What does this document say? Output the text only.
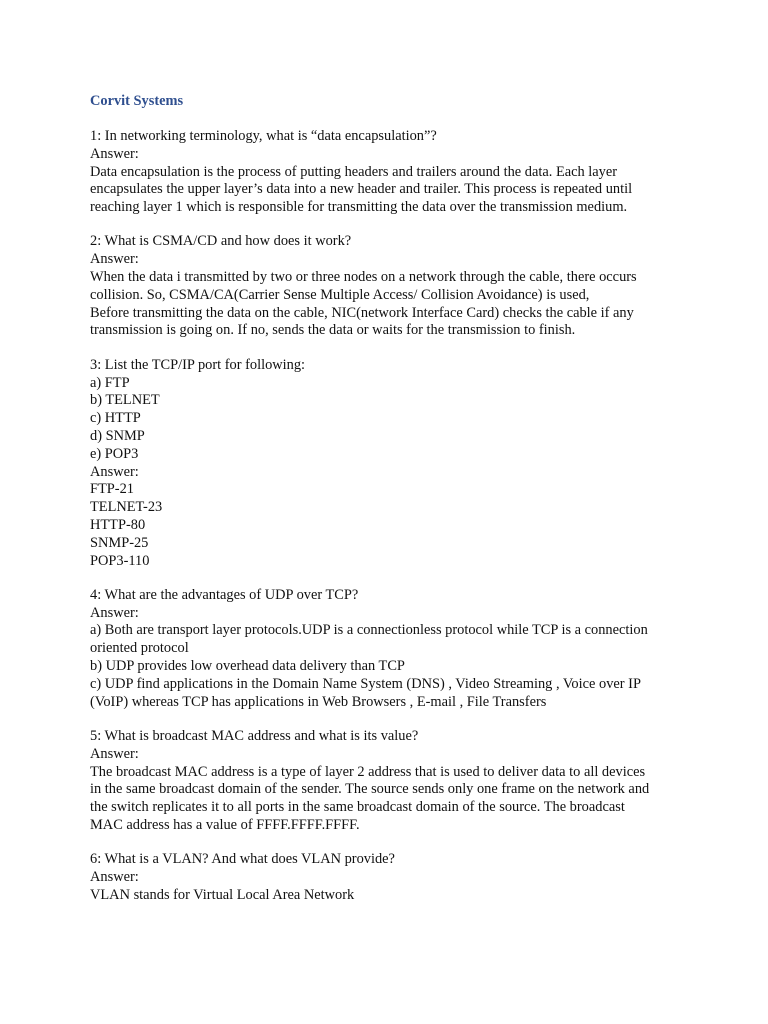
Corvit Systems
1: In networking terminology, what is “data encapsulation”?
Answer:
Data encapsulation is the process of putting headers and trailers around the data. Each layer
encapsulates the upper layer’s data into a new header and trailer. This process is repeated until
reaching layer 1 which is responsible for transmitting the data over the transmission medium.
2: What is CSMA/CD and how does it work?
Answer:
When the data i transmitted by two or three nodes on a network through the cable, there occurs
collision. So, CSMA/CA(Carrier Sense Multiple Access/ Collision Avoidance) is used,
Before transmitting the data on the cable, NIC(network Interface Card) checks the cable if any
transmission is going on. If no, sends the data or waits for the transmission to finish.
3: List the TCP/IP port for following:
a) FTP
b) TELNET
c) HTTP
d) SNMP
e) POP3
Answer:
FTP-21
TELNET-23
HTTP-80
SNMP-25
POP3-110
4: What are the advantages of UDP over TCP?
Answer:
a) Both are transport layer protocols.UDP is a connectionless protocol while TCP is a connection
oriented protocol
b) UDP provides low overhead data delivery than TCP
c) UDP find applications in the Domain Name System (DNS) , Video Streaming , Voice over IP
(VoIP) whereas TCP has applications in Web Browsers , E-mail , File Transfers
5: What is broadcast MAC address and what is its value?
Answer:
The broadcast MAC address is a type of layer 2 address that is used to deliver data to all devices
in the same broadcast domain of the sender. The source sends only one frame on the network and
the switch replicates it to all ports in the same broadcast domain of the source. The broadcast
MAC address has a value of FFFF.FFFF.FFFF.
6: What is a VLAN? And what does VLAN provide?
Answer:
VLAN stands for Virtual Local Area Network
